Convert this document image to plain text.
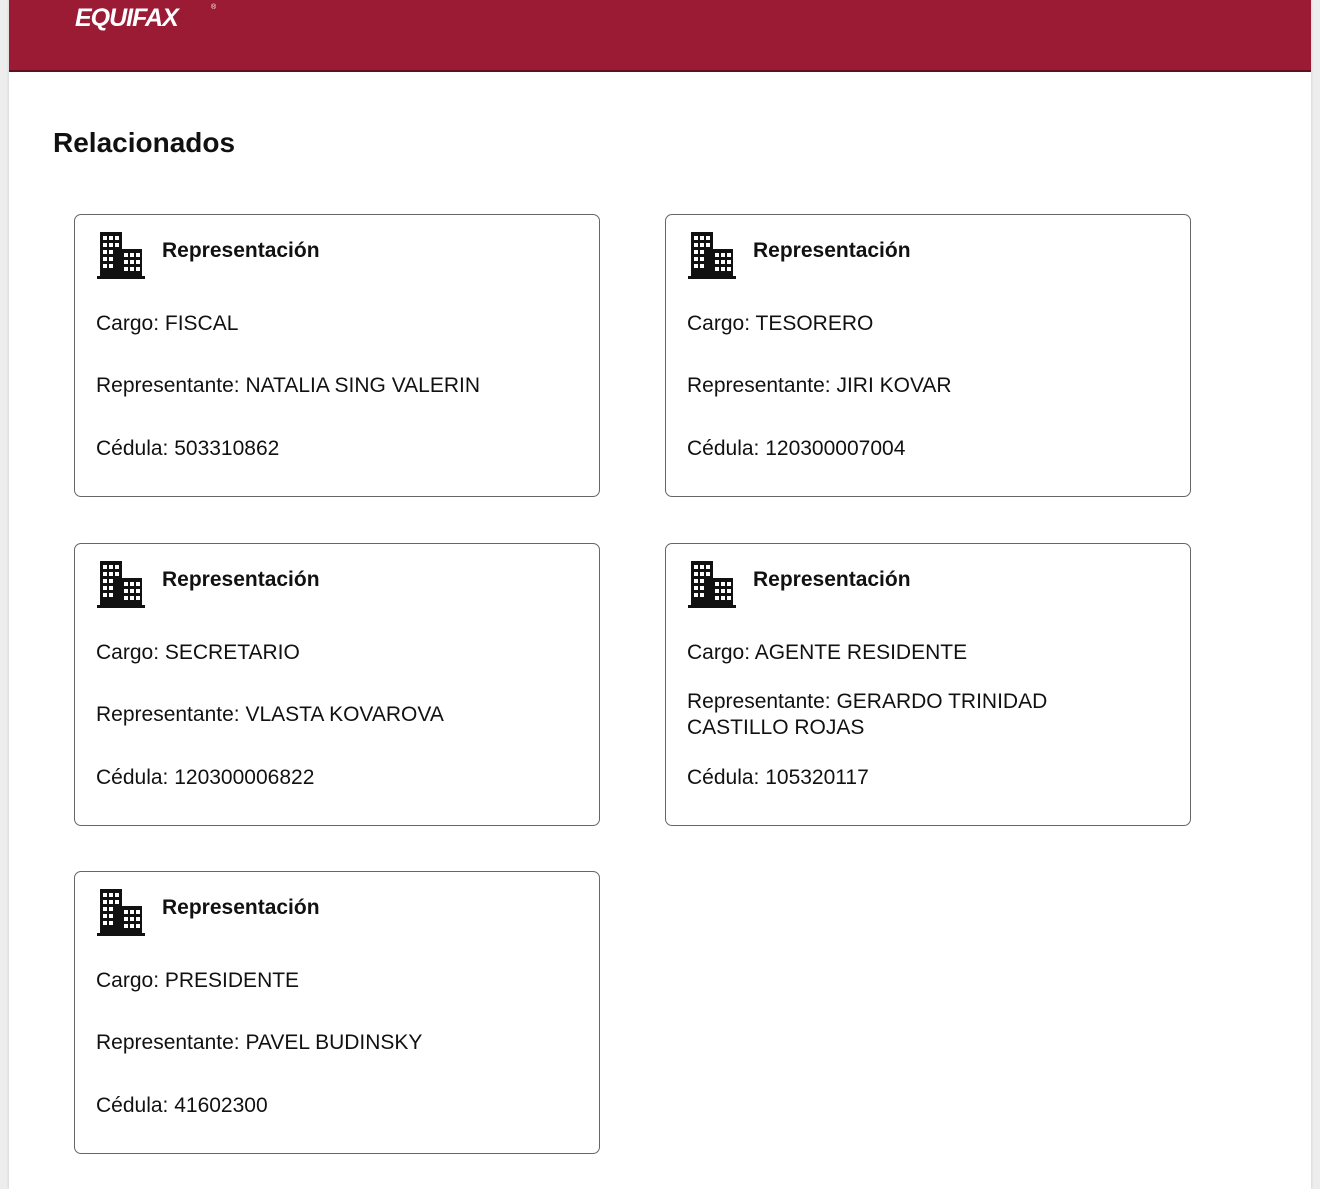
EQUIFAX	®
Relacionados
Representación
Cargo: FISCAL
Representante: NATALIA SING VALERIN
Cédula: 503310862
Representación
Cargo: TESORERO
Representante: JIRI KOVAR
Cédula: 120300007004
Representación
Cargo: SECRETARIO
Representante: VLASTA KOVAROVA
Cédula: 120300006822
Representación
Cargo: AGENTE RESIDENTE
Representante: GERARDO TRINIDAD CASTILLO ROJAS
Cédula: 105320117
Representación
Cargo: PRESIDENTE
Representante: PAVEL BUDINSKY
Cédula: 41602300
